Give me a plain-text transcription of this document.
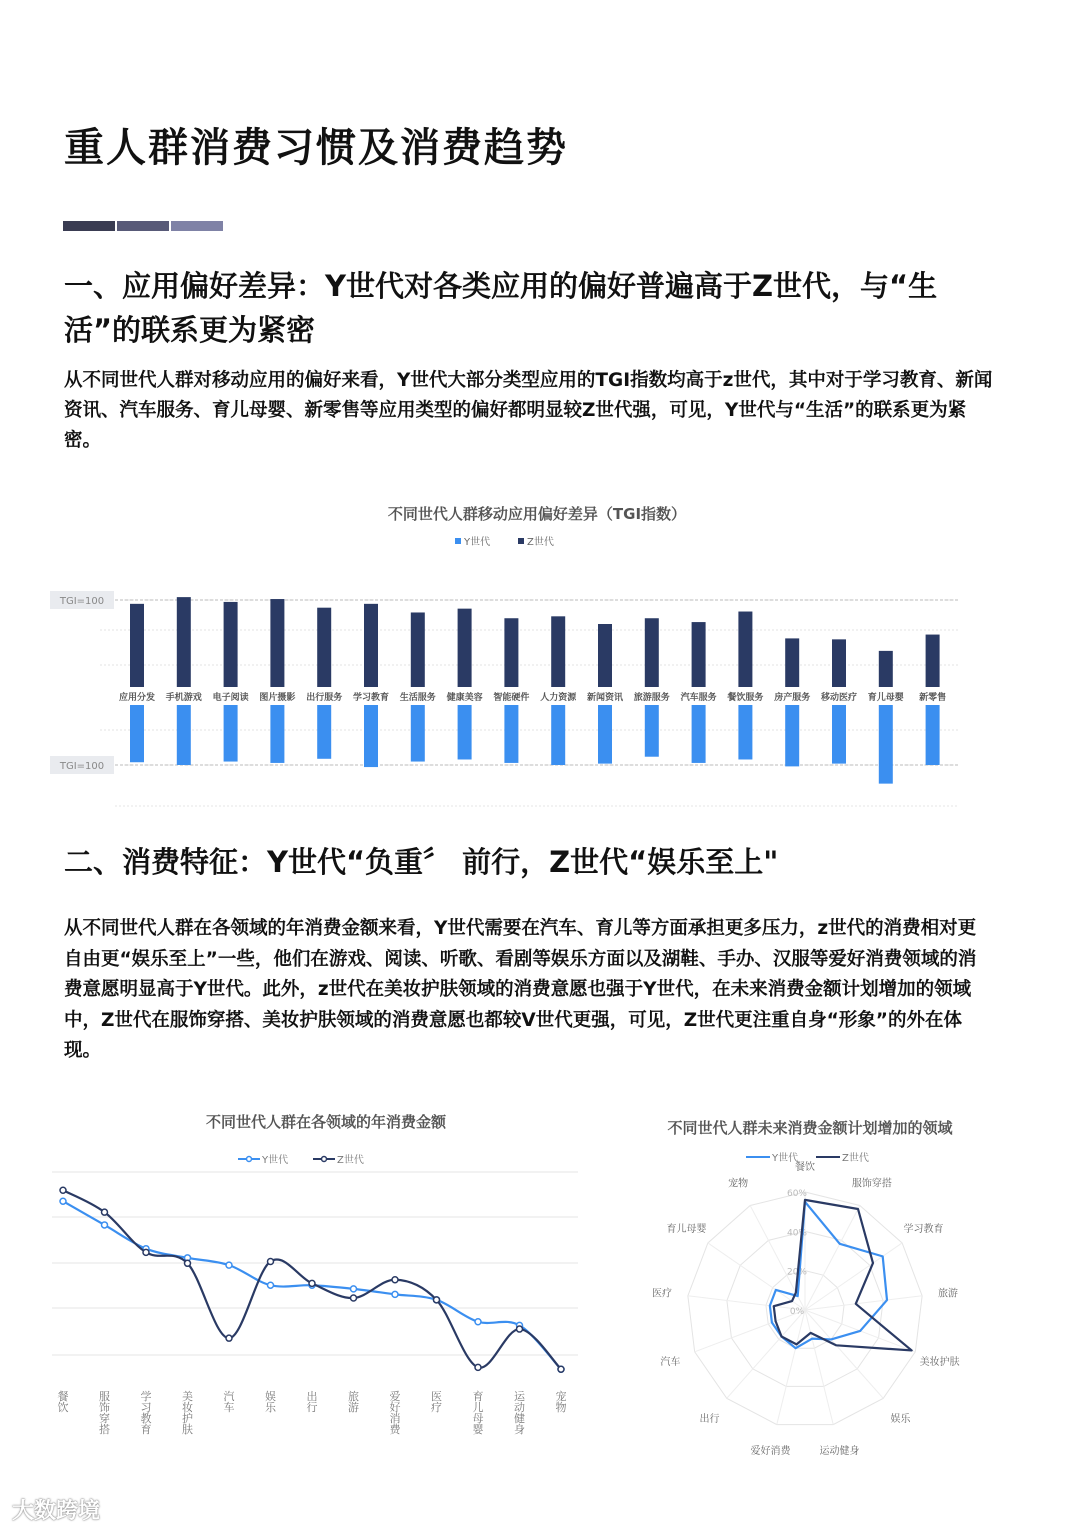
重人群消费习惯及消费趋势
一、应用偏好差异：Y世代对各类应用的偏好普遍高于Z世代，与“生活”的联系更为紧密

从不同世代人群对移动应用的偏好来看，Y世代大部分类型应用的TGI指数均高于z世代，其中对于学习教育、新闻资讯、汽车服务、育儿母婴、新零售等应用类型的偏好都明显较Z世代强，可见，Y世代与“生活”的联系更为紧密。

不同世代人群移动应用偏好差异（TGI指数）
Y世代	Z世代
TGI=100
TGI=100
应用分发 手机游戏 电子阅读 图片摄影 出行服务 学习教育 生活服务 健康美容 智能硬件 人力资源 新闻资讯 旅游服务 汽车服务 餐饮服务 房产服务 移动医疗 育儿母婴 新零售
二、消费特征：Y世代“负重〞 前行，Z世代“娱乐至上"

从不同世代人群在各领域的年消费金额来看，Y世代需要在汽车、育儿等方面承担更多压力，z世代的消费相对更自由更“娱乐至上”一些，他们在游戏、阅读、听歌、看剧等娱乐方面以及湖鞋、手办、汉服等爱好消费领域的消费意愿明显高于Y世代。此外，z世代在美妆护肤领域的消费意愿也强于Y世代，在未来消费金额计划增加的领域中，Z世代在服饰穿搭、美妆护肤领域的消费意愿也都较V世代更强，可见，Z世代更注重自身“形象”的外在体现。

不同世代人群在各领域的年消费金额
Y世代	Z世代
餐饮
服饰穿搭
学习教育
美妆护肤
汽车
娱乐
出行
旅游
爱好消费
医疗
育儿母婴
运动健身
宠物
不同世代人群未来消费金额计划增加的领域
Y世代	Z世代
0%
20%
40%
60%
餐饮
服饰穿搭
学习教育
旅游
美妆护肤
娱乐
运动健身
爱好消费
出行
汽车
医疗
育儿母婴
宠物
大数跨境
